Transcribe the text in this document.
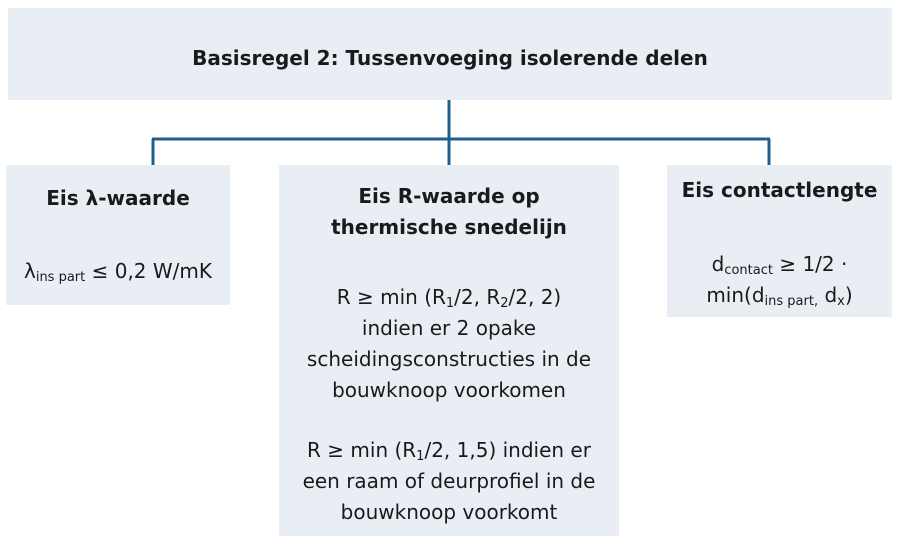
Basisregel 2: Tussenvoeging isolerende delen
Eis λ-waarde
$\lambda_{ins part} \le 0,2$ W/mK
Eis R-waarde op
thermische snedelijn
$R \ge \min (R_1/2$, $R_2/2$, 2)
indien er 2 opake
scheidingsconstructies in de
bouwknoop voorkomen
$R \ge \min (R_1/2$, 1,5) indien er
een raam of deurprofiel in de
bouwknoop voorkomt
Eis contactlengte
$d_{contact} \ge 1/2$ ·
$\min(d_{ins part,}$ $d_x$)
